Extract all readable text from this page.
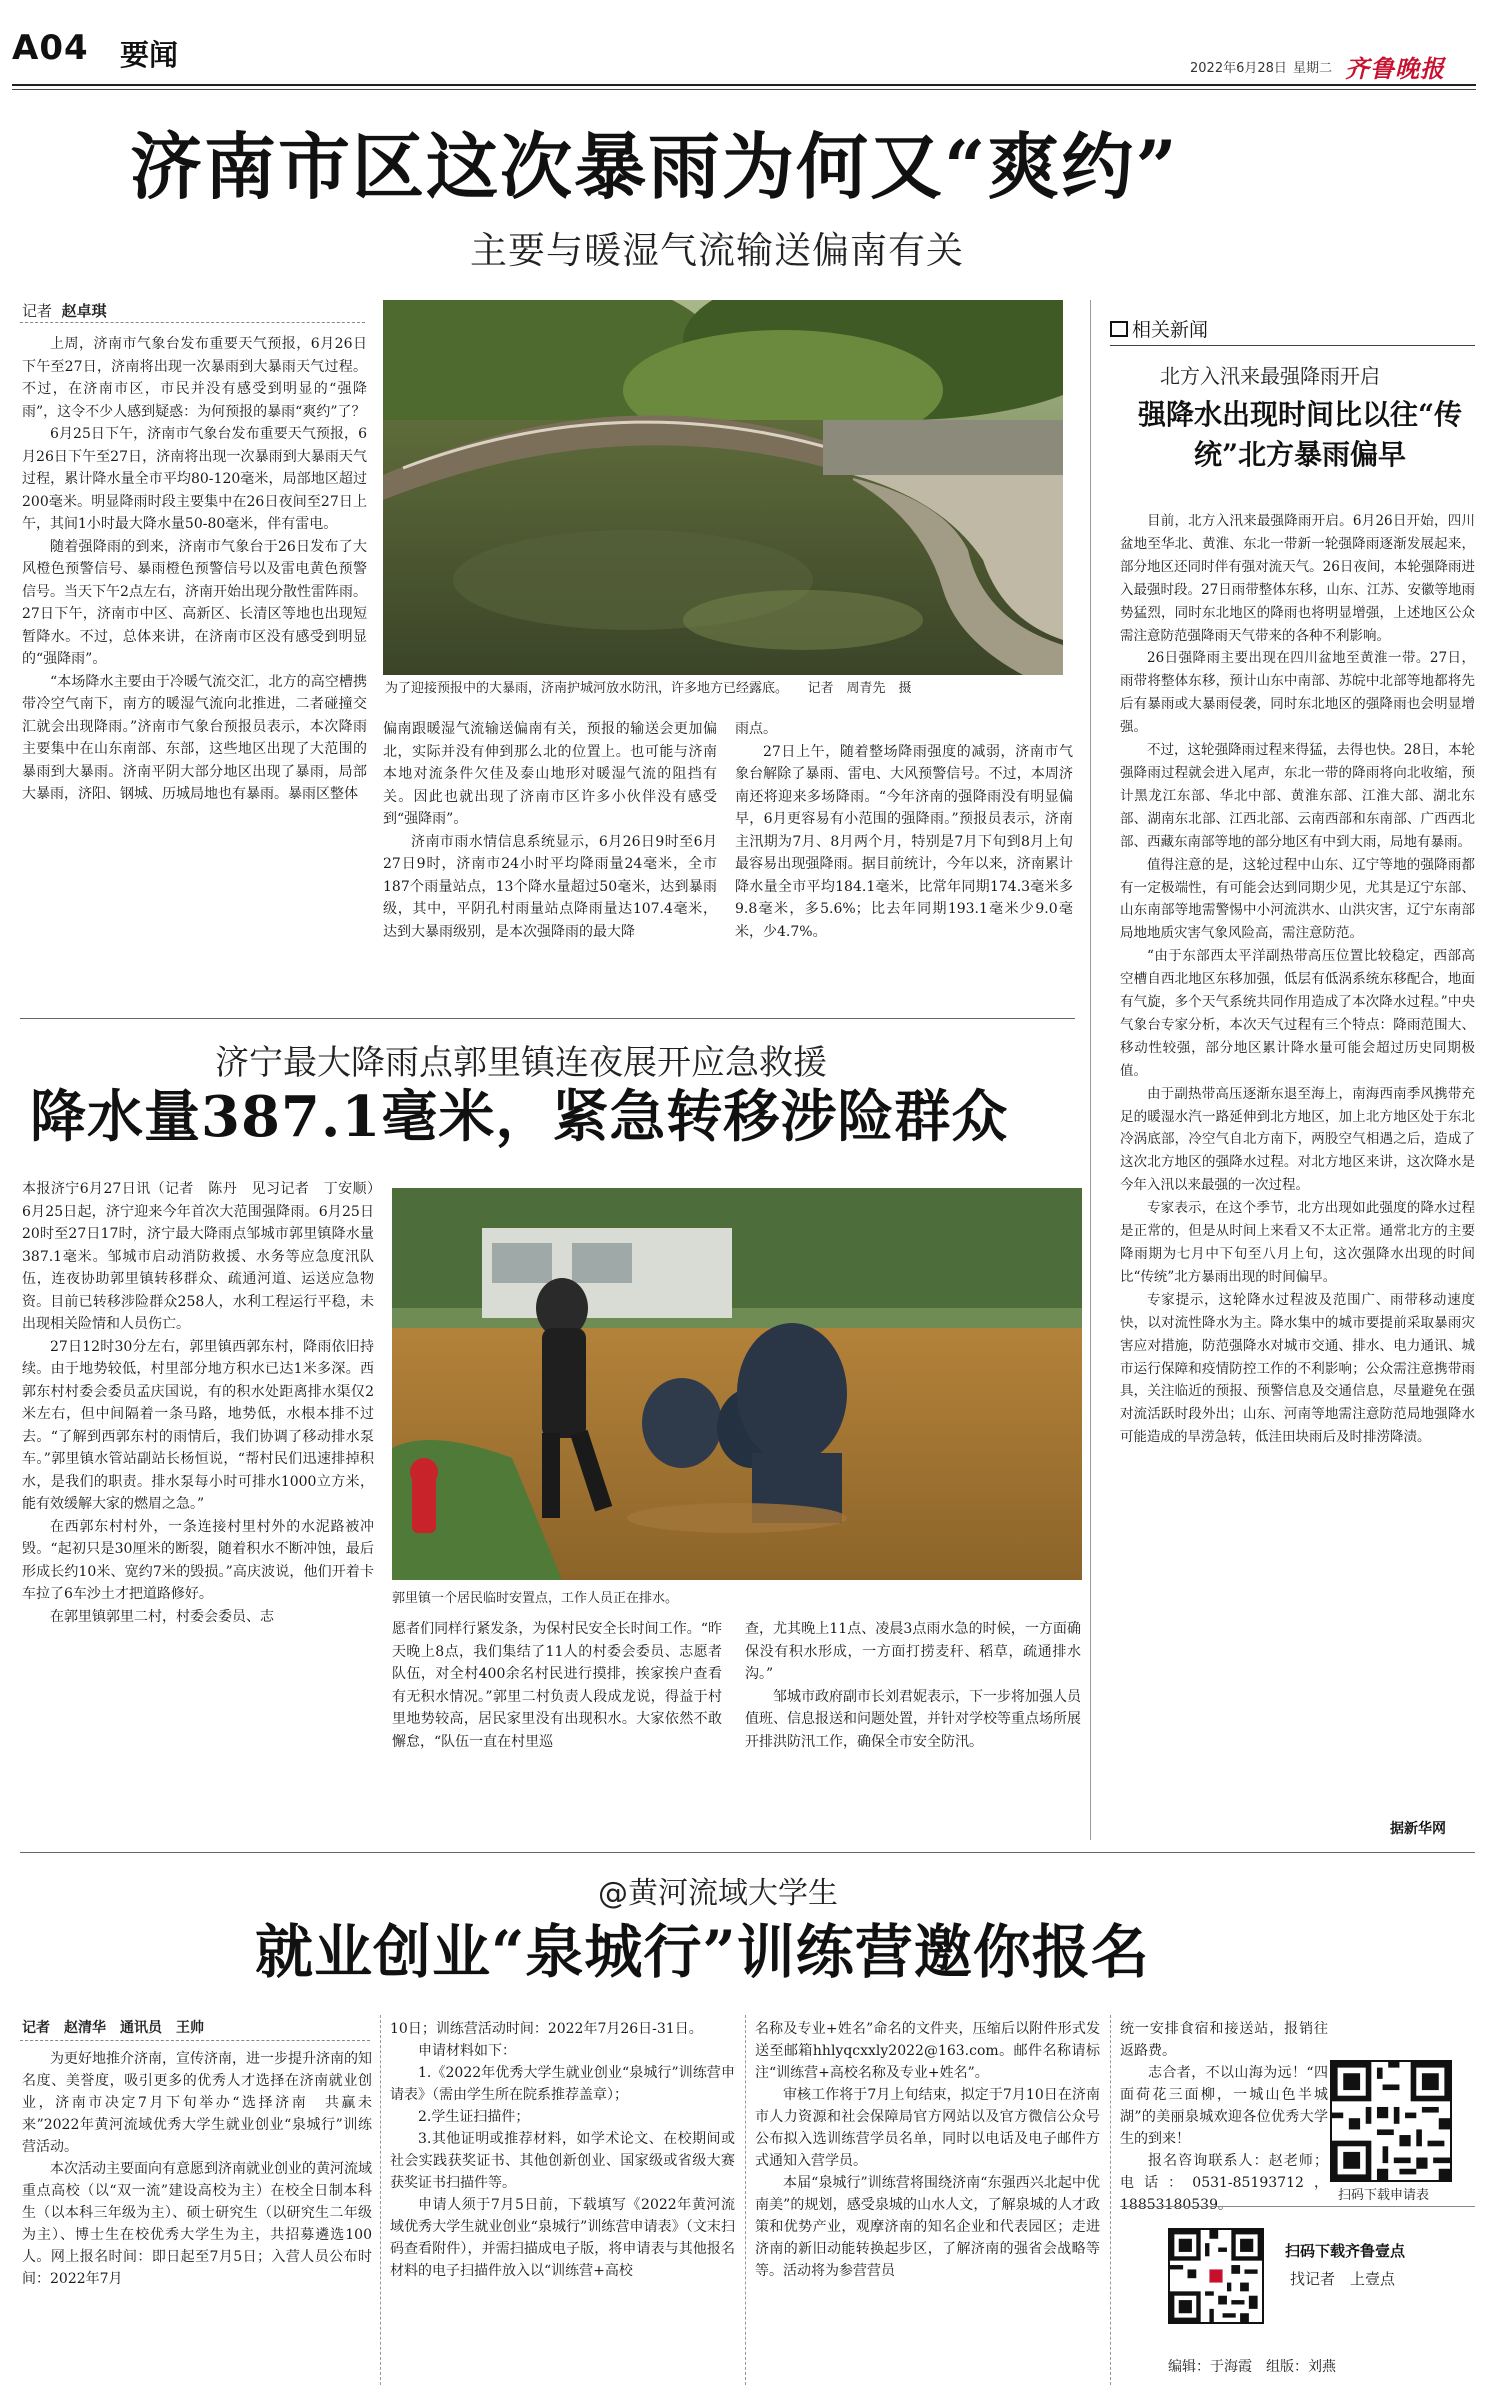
A04 要闻	2022年6月28日 星期二 齐鲁晚报
济南市区这次暴雨为何又“爽约”
主要与暖湿气流输送偏南有关
记者 赵卓琪
为了迎接预报中的大暴雨，济南护城河放水防汛，许多地方已经露底。　　记者　周青先　摄

上周，济南市气象台发布重要天气预报，6月26日下午至27日，济南将出现一次暴雨到大暴雨天气过程。不过，在济南市区，市民并没有感受到明显的“强降雨”，这令不少人感到疑惑：为何预报的暴雨“爽约”了？

6月25日下午，济南市气象台发布重要天气预报，6月26日下午至27日，济南将出现一次暴雨到大暴雨天气过程，累计降水量全市平均80-120毫米，局部地区超过200毫米。明显降雨时段主要集中在26日夜间至27日上午，其间1小时最大降水量50-80毫米，伴有雷电。

随着强降雨的到来，济南市气象台于26日发布了大风橙色预警信号、暴雨橙色预警信号以及雷电黄色预警信号。当天下午2点左右，济南开始出现分散性雷阵雨。27日下午，济南市中区、高新区、长清区等地也出现短暂降水。不过，总体来讲，在济南市区没有感受到明显的“强降雨”。

“本场降水主要由于冷暖气流交汇，北方的高空槽携带冷空气南下，南方的暖湿气流向北推进，二者碰撞交汇就会出现降雨。”济南市气象台预报员表示，本次降雨主要集中在山东南部、东部，这些地区出现了大范围的暴雨到大暴雨。济南平阴大部分地区出现了暴雨，局部大暴雨，济阳、钢城、历城局地也有暴雨。暴雨区整体

偏南跟暖湿气流输送偏南有关，预报的输送会更加偏北，实际并没有伸到那么北的位置上。也可能与济南本地对流条件欠佳及泰山地形对暖湿气流的阻挡有关。因此也就出现了济南市区许多小伙伴没有感受到“强降雨”。

济南市雨水情信息系统显示，6月26日9时至6月27日9时，济南市24小时平均降雨量24毫米，全市187个雨量站点，13个降水量超过50毫米，达到暴雨级，其中，平阴孔村雨量站点降雨量达107.4毫米，达到大暴雨级别，是本次强降雨的最大降

雨点。

27日上午，随着整场降雨强度的减弱，济南市气象台解除了暴雨、雷电、大风预警信号。不过，本周济南还将迎来多场降雨。“今年济南的强降雨没有明显偏早，6月更容易有小范围的强降雨。”预报员表示，济南主汛期为7月、8月两个月，特别是7月下旬到8月上旬最容易出现强降雨。据目前统计，今年以来，济南累计降水量全市平均184.1毫米，比常年同期174.3毫米多9.8毫米，多5.6%；比去年同期193.1毫米少9.0毫米，少4.7%。

相关新闻
北方入汛来最强降雨开启
强降水出现时间比以往“传统”北方暴雨偏早

目前，北方入汛来最强降雨开启。6月26日开始，四川盆地至华北、黄淮、东北一带新一轮强降雨逐渐发展起来，部分地区还同时伴有强对流天气。26日夜间，本轮强降雨进入最强时段。27日雨带整体东移，山东、江苏、安徽等地雨势猛烈，同时东北地区的降雨也将明显增强，上述地区公众需注意防范强降雨天气带来的各种不利影响。

26日强降雨主要出现在四川盆地至黄淮一带。27日，雨带将整体东移，预计山东中南部、苏皖中北部等地都将先后有暴雨或大暴雨侵袭，同时东北地区的强降雨也会明显增强。

不过，这轮强降雨过程来得猛，去得也快。28日，本轮强降雨过程就会进入尾声，东北一带的降雨将向北收缩，预计黑龙江东部、华北中部、黄淮东部、江淮大部、湖北东部、湖南东北部、江西北部、云南西部和东南部、广西西北部、西藏东南部等地的部分地区有中到大雨，局地有暴雨。

值得注意的是，这轮过程中山东、辽宁等地的强降雨都有一定极端性，有可能会达到同期少见，尤其是辽宁东部、山东南部等地需警惕中小河流洪水、山洪灾害，辽宁东南部局地地质灾害气象风险高，需注意防范。

“由于东部西太平洋副热带高压位置比较稳定，西部高空槽自西北地区东移加强，低层有低涡系统东移配合，地面有气旋，多个天气系统共同作用造成了本次降水过程。”中央气象台专家分析，本次天气过程有三个特点：降雨范围大、移动性较强，部分地区累计降水量可能会超过历史同期极值。

由于副热带高压逐渐东退至海上，南海西南季风携带充足的暖湿水汽一路延伸到北方地区，加上北方地区处于东北冷涡底部，冷空气自北方南下，两股空气相遇之后，造成了这次北方地区的强降水过程。对北方地区来讲，这次降水是今年入汛以来最强的一次过程。

专家表示，在这个季节，北方出现如此强度的降水过程是正常的，但是从时间上来看又不太正常。通常北方的主要降雨期为七月中下旬至八月上旬，这次强降水出现的时间比“传统”北方暴雨出现的时间偏早。

专家提示，这轮降水过程波及范围广、雨带移动速度快，以对流性降水为主。降水集中的城市要提前采取暴雨灾害应对措施，防范强降水对城市交通、排水、电力通讯、城市运行保障和疫情防控工作的不利影响；公众需注意携带雨具，关注临近的预报、预警信息及交通信息，尽量避免在强对流活跃时段外出；山东、河南等地需注意防范局地强降水可能造成的旱涝急转，低洼田块雨后及时排涝降渍。

据新华网
济宁最大降雨点郭里镇连夜展开应急救援
降水量387.1毫米，紧急转移涉险群众
郭里镇一个居民临时安置点，工作人员正在排水。

本报济宁6月27日讯（记者　陈丹　见习记者　丁安顺）　6月25日起，济宁迎来今年首次大范围强降雨。6月25日20时至27日17时，济宁最大降雨点邹城市郭里镇降水量387.1毫米。邹城市启动消防救援、水务等应急度汛队伍，连夜协助郭里镇转移群众、疏通河道、运送应急物资。目前已转移涉险群众258人，水利工程运行平稳，未出现相关险情和人员伤亡。

27日12时30分左右，郭里镇西郭东村，降雨依旧持续。由于地势较低，村里部分地方积水已达1米多深。西郭东村村委会委员孟庆国说，有的积水处距离排水渠仅2米左右，但中间隔着一条马路，地势低，水根本排不过去。“了解到西郭东村的雨情后，我们协调了移动排水泵车。”郭里镇水管站副站长杨恒说，“帮村民们迅速排掉积水，是我们的职责。排水泵每小时可排水1000立方米，能有效缓解大家的燃眉之急。”

在西郭东村村外，一条连接村里村外的水泥路被冲毁。“起初只是30厘米的断裂，随着积水不断冲蚀，最后形成长约10米、宽约7米的毁损。”高庆波说，他们开着卡车拉了6车沙土才把道路修好。

在郭里镇郭里二村，村委会委员、志

愿者们同样行紧发条，为保村民安全长时间工作。“昨天晚上8点，我们集结了11人的村委会委员、志愿者队伍，对全村400余名村民进行摸排，挨家挨户查看有无积水情况。”郭里二村负责人段成龙说，得益于村里地势较高，居民家里没有出现积水。大家依然不敢懈怠，“队伍一直在村里巡

查，尤其晚上11点、凌晨3点雨水急的时候，一方面确保没有积水形成，一方面打捞麦秆、稻草，疏通排水沟。”

邹城市政府副市长刘君妮表示，下一步将加强人员值班、信息报送和问题处置，并针对学校等重点场所展开排洪防汛工作，确保全市安全防汛。

@黄河流域大学生
就业创业“泉城行”训练营邀你报名
记者　赵清华　通讯员　王帅

为更好地推介济南，宣传济南，进一步提升济南的知名度、美誉度，吸引更多的优秀人才选择在济南就业创业，济南市决定7月下旬举办“选择济南　共赢未来”2022年黄河流域优秀大学生就业创业“泉城行”训练营活动。

本次活动主要面向有意愿到济南就业创业的黄河流域重点高校（以“双一流”建设高校为主）在校全日制本科生（以本科三年级为主）、硕士研究生（以研究生二年级为主）、博士生在校优秀大学生为主，共招募遴选100人。网上报名时间：即日起至7月5日；入营人员公布时间：2022年7月

10日；训练营活动时间：2022年7月26日-31日。

申请材料如下：

1.《2022年优秀大学生就业创业“泉城行”训练营申请表》（需由学生所在院系推荐盖章）；

2.学生证扫描件；

3.其他证明或推荐材料，如学术论文、在校期间或社会实践获奖证书、其他创新创业、国家级或省级大赛获奖证书扫描件等。

申请人须于7月5日前，下载填写《2022年黄河流域优秀大学生就业创业“泉城行”训练营申请表》（文末扫码查看附件），并需扫描成电子版，将申请表与其他报名材料的电子扫描件放入以“训练营+高校

名称及专业+姓名”命名的文件夹，压缩后以附件形式发送至邮箱hhlyqcxxly2022@163.com。邮件名称请标注“训练营+高校名称及专业+姓名”。

审核工作将于7月上旬结束，拟定于7月10日在济南市人力资源和社会保障局官方网站以及官方微信公众号公布拟入选训练营学员名单，同时以电话及电子邮件方式通知入营学员。

本届“泉城行”训练营将围绕济南“东强西兴北起中优南美”的规划，感受泉城的山水人文，了解泉城的人才政策和优势产业，观摩济南的知名企业和代表园区；走进济南的新旧动能转换起步区，了解济南的强省会战略等等。活动将为参营营员

统一安排食宿和接送站，报销往返路费。

志合者，不以山海为远！“四面荷花三面柳，一城山色半城湖”的美丽泉城欢迎各位优秀大学生的到来！

报名咨询联系人：赵老师；电话：0531-85193712，18853180539。

扫码下载申请表
扫码下载齐鲁壹点
找记者　上壹点
编辑：于海霞　组版：刘燕
